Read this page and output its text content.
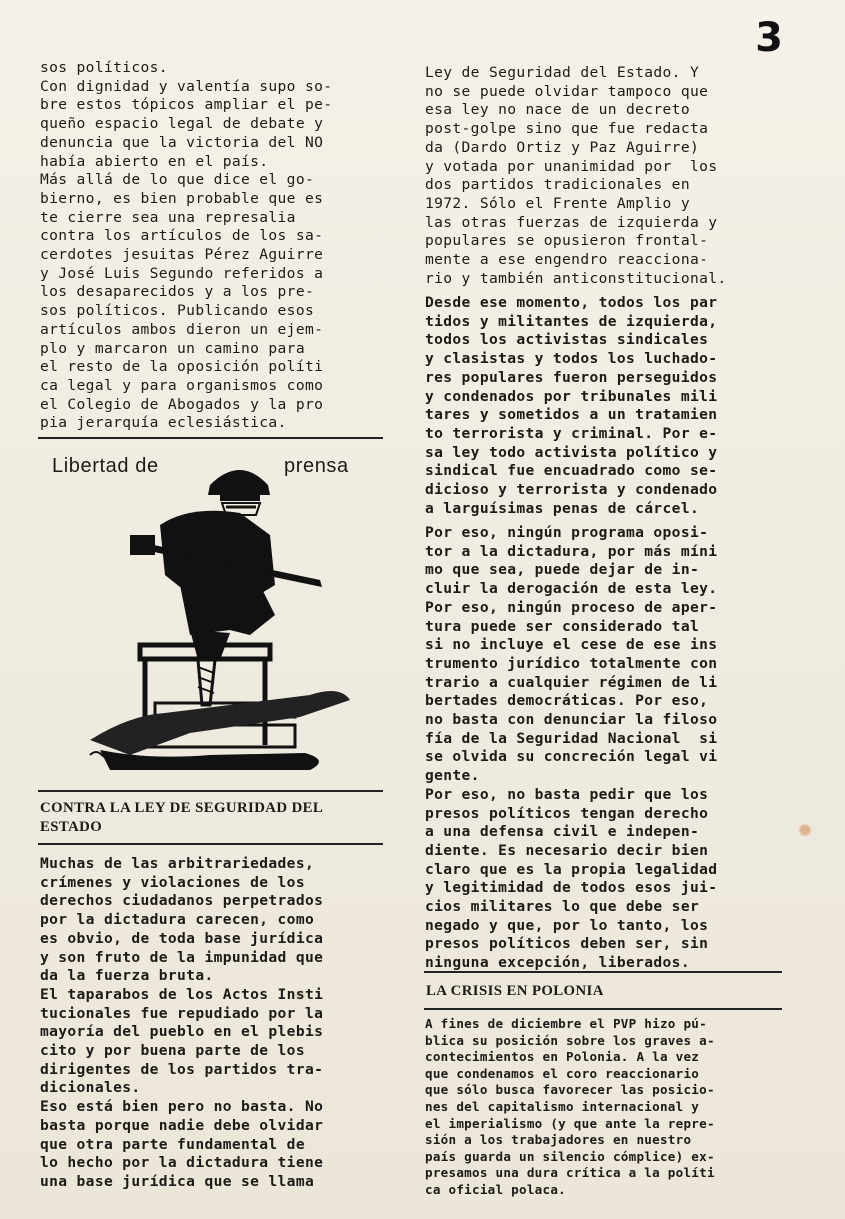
3

sos políticos.
Con dignidad y valentía supo so-
bre estos tópicos ampliar el pe-
queño espacio legal de debate y
denuncia que la victoria del NO
había abierto en el país.
Más allá de lo que dice el go-
bierno, es bien probable que es
te cierre sea una represalia
contra los artículos de los sa-
cerdotes jesuitas Pérez Aguirre
y José Luis Segundo referidos a
los desaparecidos y a los pre-
sos políticos. Publicando esos
artículos ambos dieron un ejem-
plo y marcaron un camino para
el resto de la oposición políti
ca legal y para organismos como
el Colegio de Abogados y la pro
pia jerarquía eclesiástica.

Libertad de	prensa

CONTRA LA LEY DE SEGURIDAD DEL
ESTADO

Muchas de las arbitrariedades,
crímenes y violaciones de los
derechos ciudadanos perpetrados
por la dictadura carecen, como
es obvio, de toda base jurídica
y son fruto de la impunidad que
da la fuerza bruta.
El taparabos de los Actos Insti
tucionales fue repudiado por la
mayoría del pueblo en el plebis
cito y por buena parte de los
dirigentes de los partidos tra-
dicionales.
Eso está bien pero no basta. No
basta porque nadie debe olvidar
que otra parte fundamental de
lo hecho por la dictadura tiene
una base jurídica que se llama

Ley de Seguridad del Estado. Y
no se puede olvidar tampoco que
esa ley no nace de un decreto
post-golpe sino que fue redacta
da (Dardo Ortiz y Paz Aguirre)
y votada por unanimidad por  los
dos partidos tradicionales en
1972. Sólo el Frente Amplio y
las otras fuerzas de izquierda y
populares se opusieron frontal-
mente a ese engendro reacciona-
rio y también anticonstitucional.

Desde ese momento, todos los par
tidos y militantes de izquierda,
todos los activistas sindicales
y clasistas y todos los luchado-
res populares fueron perseguidos
y condenados por tribunales mili
tares y sometidos a un tratamien
to terrorista y criminal. Por e-
sa ley todo activista político y
sindical fue encuadrado como se-
dicioso y terrorista y condenado
a larguísimas penas de cárcel.

Por eso, ningún programa oposi-
tor a la dictadura, por más míni
mo que sea, puede dejar de in-
cluir la derogación de esta ley.
Por eso, ningún proceso de aper-
tura puede ser considerado tal
si no incluye el cese de ese ins
trumento jurídico totalmente con
trario a cualquier régimen de li
bertades democráticas. Por eso,
no basta con denunciar la filoso
fía de la Seguridad Nacional  si
se olvida su concreción legal vi
gente.
Por eso, no basta pedir que los
presos políticos tengan derecho
a una defensa civil e indepen-
diente. Es necesario decir bien
claro que es la propia legalidad
y legitimidad de todos esos jui-
cios militares lo que debe ser
negado y que, por lo tanto, los
presos políticos deben ser, sin
ninguna excepción, liberados.

LA CRISIS EN POLONIA

A fines de diciembre el PVP hizo pú-
blica su posición sobre los graves a-
contecimientos en Polonia. A la vez
que condenamos el coro reaccionario
que sólo busca favorecer las posicio-
nes del capitalismo internacional y
el imperialismo (y que ante la repre-
sión a los trabajadores en nuestro
país guarda un silencio cómplice) ex-
presamos una dura crítica a la políti
ca oficial polaca.
